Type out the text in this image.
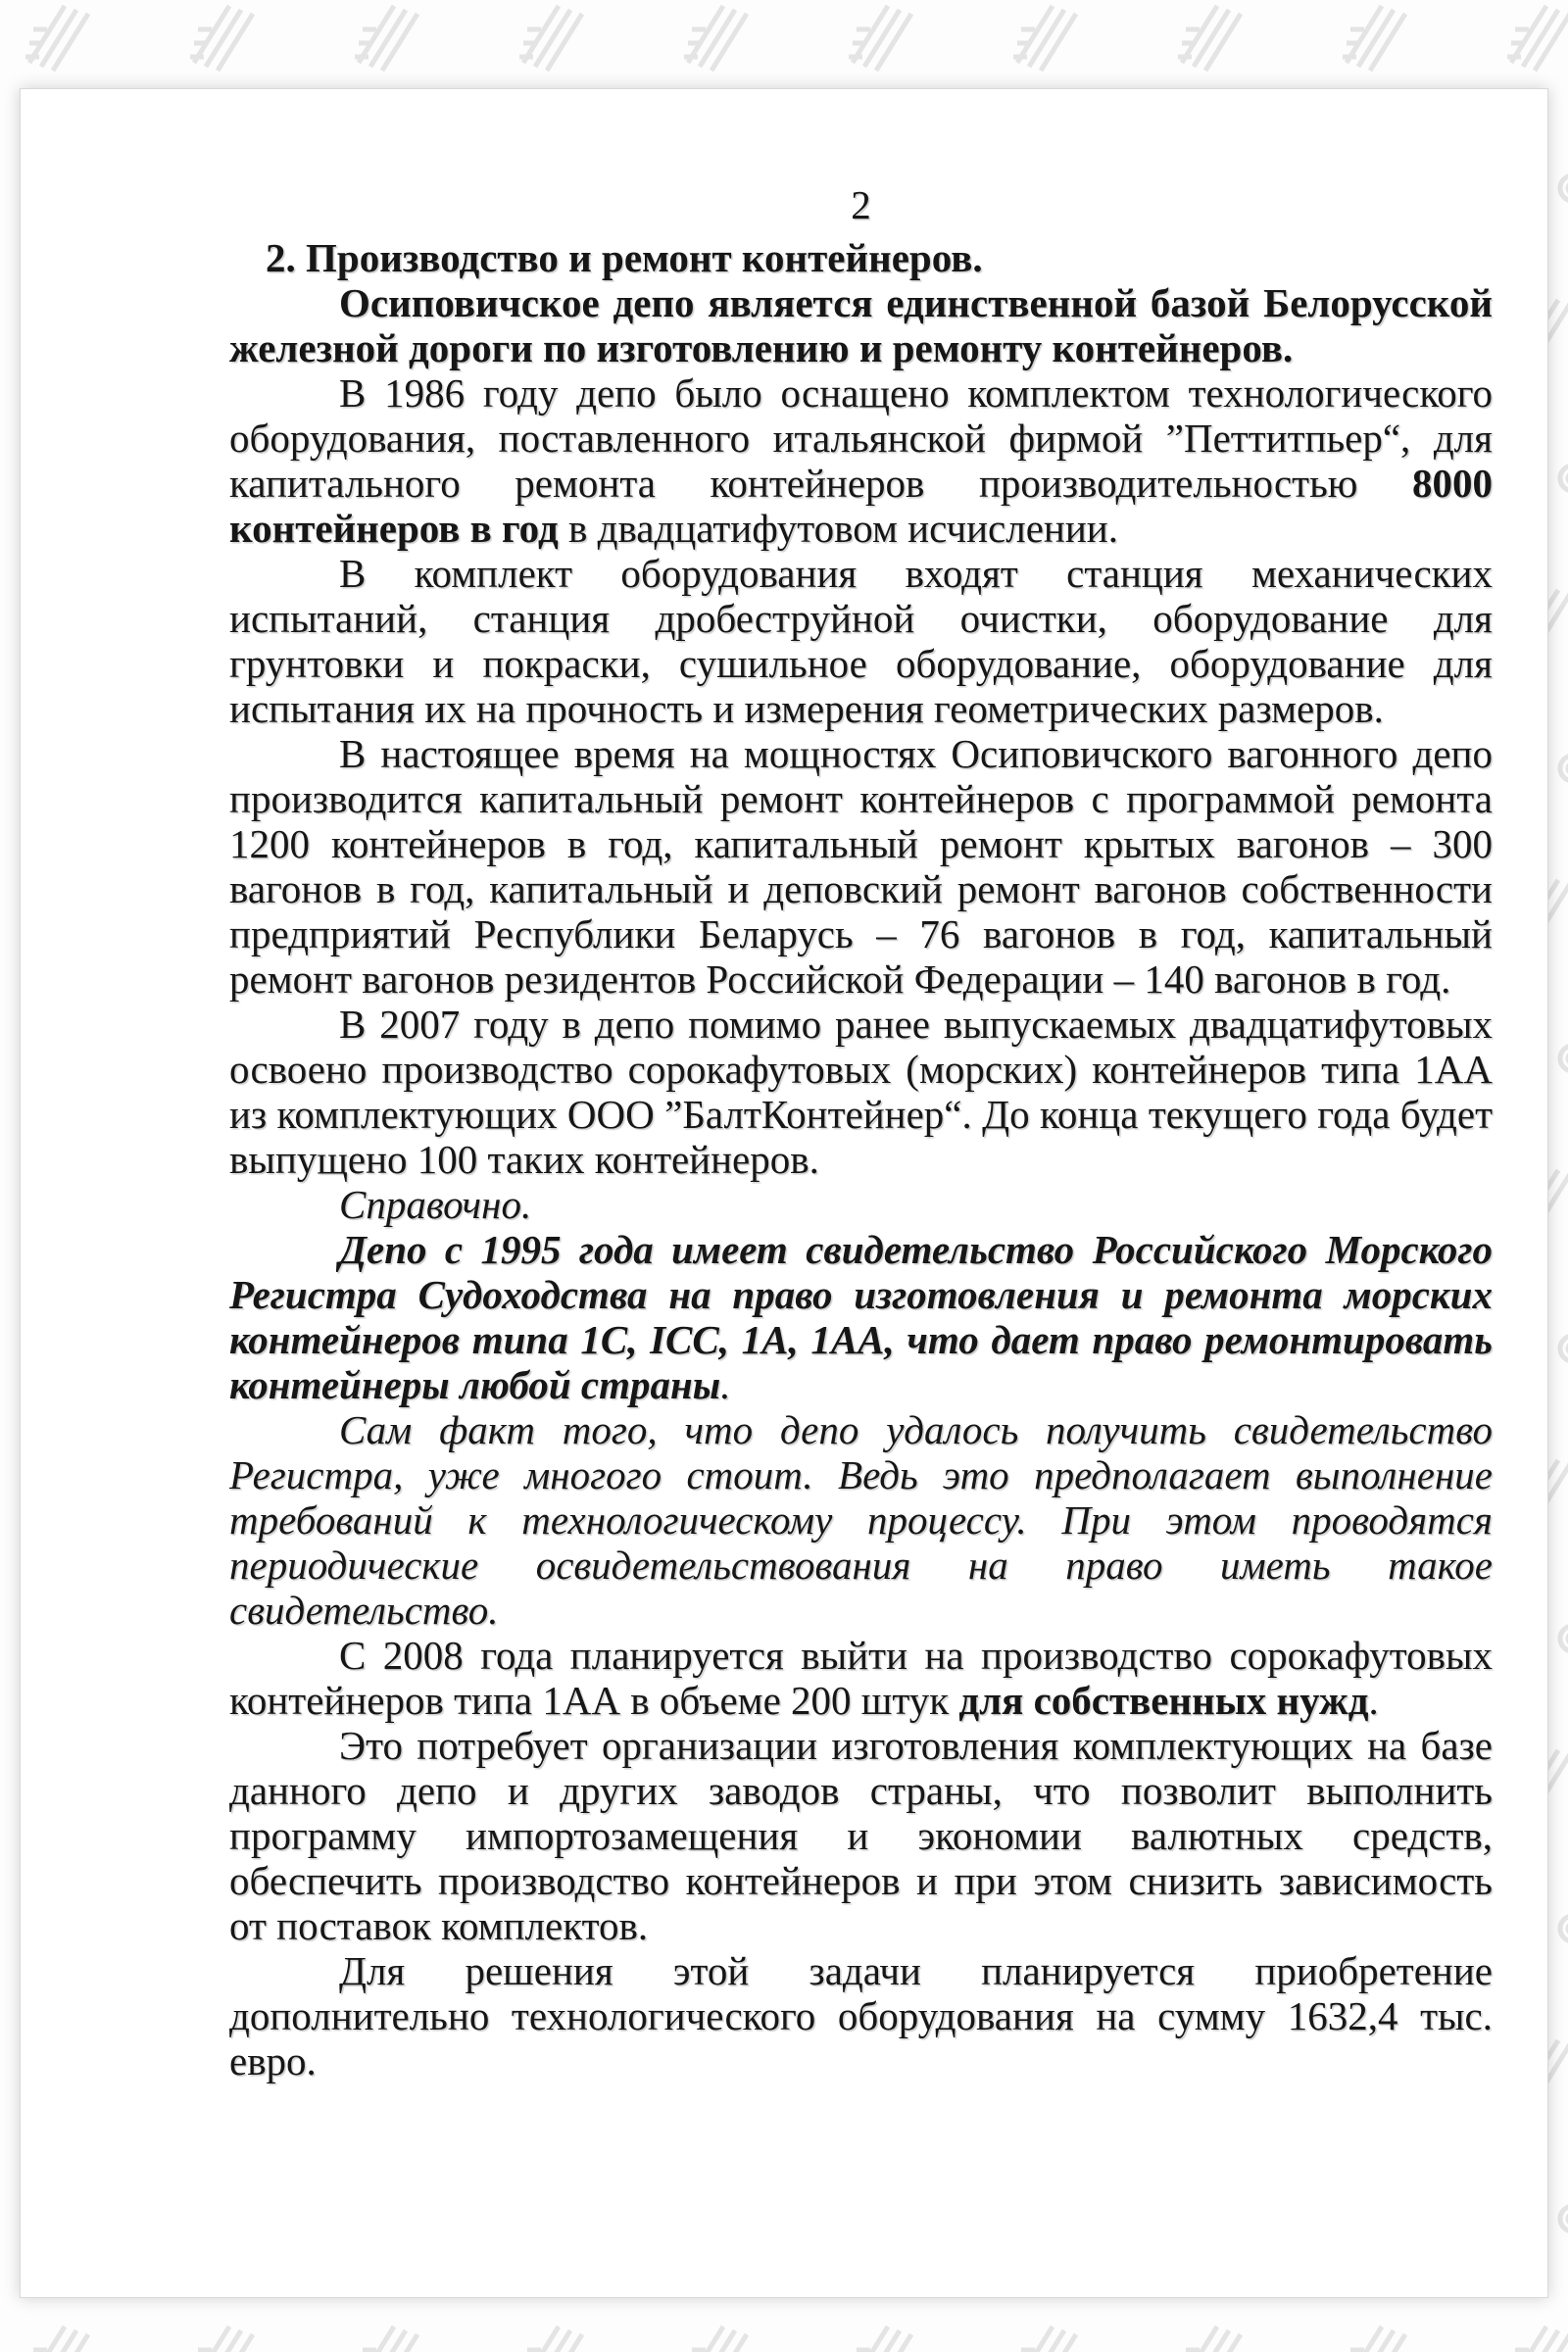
2

2. Производство и ремонт контейнеров.

Осиповичское депо является единственной базой Белорусской железной дороги по изготовлению и ремонту контейнеров.

В 1986 году депо было оснащено комплектом технологического оборудования, поставленного итальянской фирмой ”Петтитпьер“, для капитального ремонта контейнеров производительностью 8000 контейнеров в год в двадцатифутовом исчислении.

В комплект оборудования входят станция механических испытаний, станция дробеструйной очистки, оборудование для грунтовки и покраски, сушильное оборудование, оборудование для испытания их на прочность и измерения геометрических размеров.

В настоящее время на мощностях Осиповичского вагонного депо производится капитальный ремонт контейнеров с программой ремонта 1200 контейнеров в год, капитальный ремонт крытых вагонов – 300 вагонов в год, капитальный и деповский ремонт вагонов собственности предприятий Республики Беларусь – 76 вагонов в год, капитальный ремонт вагонов резидентов Российской Федерации – 140 вагонов в год.

В 2007 году в депо помимо ранее выпускаемых двадцатифутовых освоено производство сорокафутовых (морских) контейнеров типа 1АА из комплектующих ООО ”БалтКонтейнер“. До конца текущего года будет выпущено 100 таких контейнеров.

Справочно.

Депо с 1995 года имеет свидетельство Российского Морского Регистра Судоходства на право изготовления и ремонта морских контейнеров типа 1С, IСС, 1А, 1АА, что дает право ремонтировать контейнеры любой страны.

Сам факт того, что депо удалось получить свидетельство Регистра, уже многого стоит. Ведь это предполагает выполнение требований к технологическому процессу. При этом проводятся периодические освидетельствования на право иметь такое свидетельство.

С 2008 года планируется выйти на производство сорокафутовых контейнеров типа 1АА в объеме 200 штук для собственных нужд.

Это потребует организации изготовления комплектующих на базе данного депо и других заводов страны, что позволит выполнить программу импортозамещения и экономии валютных средств, обеспечить производство контейнеров и при этом снизить зависимость от поставок комплектов.

Для решения этой задачи планируется приобретение дополнительно технологического оборудования на сумму 1632,4 тыс. евро.
